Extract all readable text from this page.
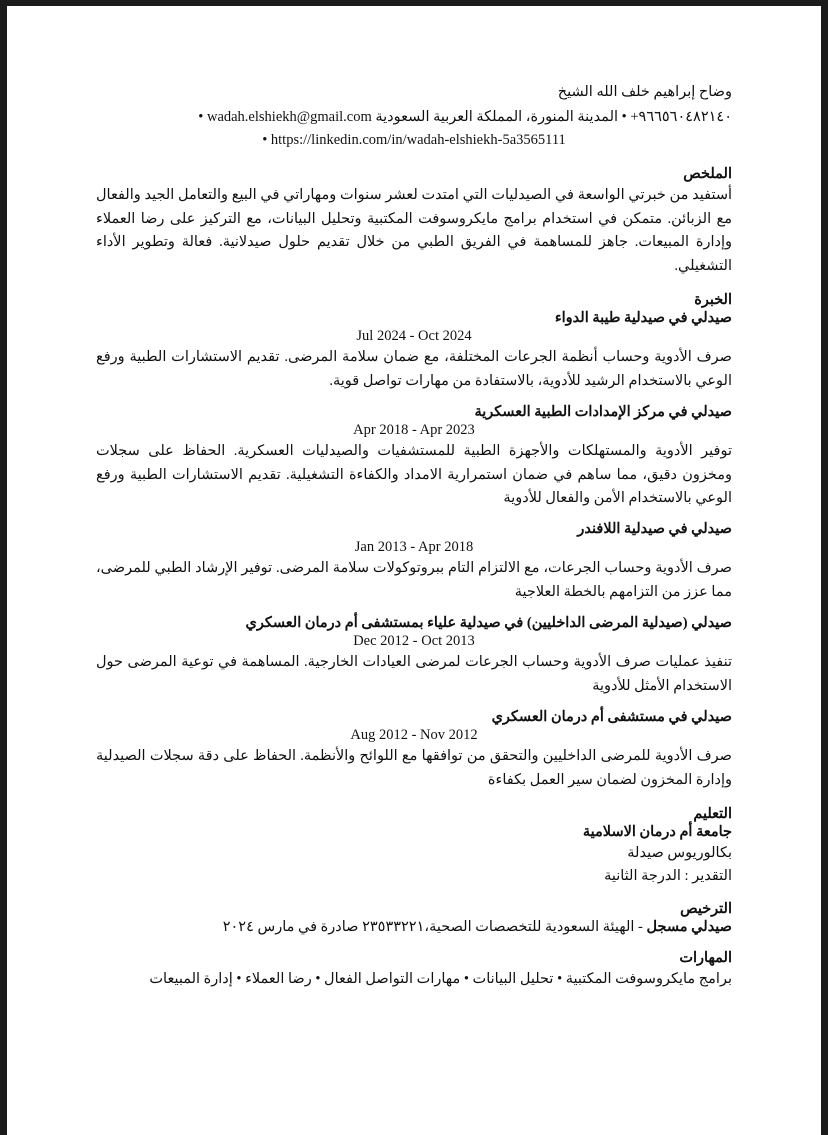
وضاح إبراهيم خلف الله الشيخ

+٩٦٦٥٦٠٤٨٢١٤٠ • المدينة المنورة، المملكة العربية السعودية wadah.elshiekh@gmail.com •

• https://linkedin.com/in/wadah-elshiekh-5a3565111

الملخص

أستفيد من خبرتي الواسعة في الصيدليات التي امتدت لعشر سنوات ومهاراتي في البيع والتعامل الجيد والفعال مع الزبائن. متمكن في استخدام برامج مايكروسوفت المكتبية وتحليل البيانات، مع التركيز على رضا العملاء وإدارة المبيعات. جاهز للمساهمة في الفريق الطبي من خلال تقديم حلول صيدلانية. فعالة وتطوير الأداء التشغيلي.

الخبرة

صيدلي في صيدلية طيبة الدواء

Jul 2024 - Oct 2024

صرف الأدوية وحساب أنظمة الجرعات المختلفة، مع ضمان سلامة المرضى. تقديم الاستشارات الطبية ورفع الوعي بالاستخدام الرشيد للأدوية، بالاستفادة من مهارات تواصل قوية.

صيدلي في مركز الإمدادات الطبية العسكرية

Apr 2018 - Apr 2023

توفير الأدوية والمستهلكات والأجهزة الطبية للمستشفيات والصيدليات العسكرية. الحفاظ على سجلات ومخزون دقيق، مما ساهم في ضمان استمرارية الامداد والكفاءة التشغيلية. تقديم الاستشارات الطبية ورفع الوعي بالاستخدام الأمن والفعال للأدوية

صيدلي في صيدلية اللافندر

Jan 2013 - Apr 2018

صرف الأدوية وحساب الجرعات، مع الالتزام التام ببروتوكولات سلامة المرضى. توفير الإرشاد الطبي للمرضى، مما عزز من التزامهم بالخطة العلاجية

صيدلي (صيدلية المرضى الداخليين) في صيدلية علياء بمستشفى أم درمان العسكري

Dec 2012 - Oct 2013

تنفيذ عمليات صرف الأدوية وحساب الجرعات لمرضى العيادات الخارجية. المساهمة في توعية المرضى حول الاستخدام الأمثل للأدوية

صيدلي في مستشفى أم درمان العسكري

Aug 2012 - Nov 2012

صرف الأدوية للمرضى الداخليين والتحقق من توافقها مع اللوائح والأنظمة. الحفاظ على دقة سجلات الصيدلية وإدارة المخزون لضمان سير العمل بكفاءة

التعليم

جامعة أم درمان الاسلامية

بكالوريوس صيدلة

التقدير : الدرجة الثانية

الترخيص

صيدلي مسجل - الهيئة السعودية للتخصصات الصحية،٢٣٥٣٣٢٢١ صادرة في مارس ٢٠٢٤

المهارات

برامج مايكروسوفت المكتبية • تحليل البيانات • مهارات التواصل الفعال • رضا العملاء • إدارة المبيعات
